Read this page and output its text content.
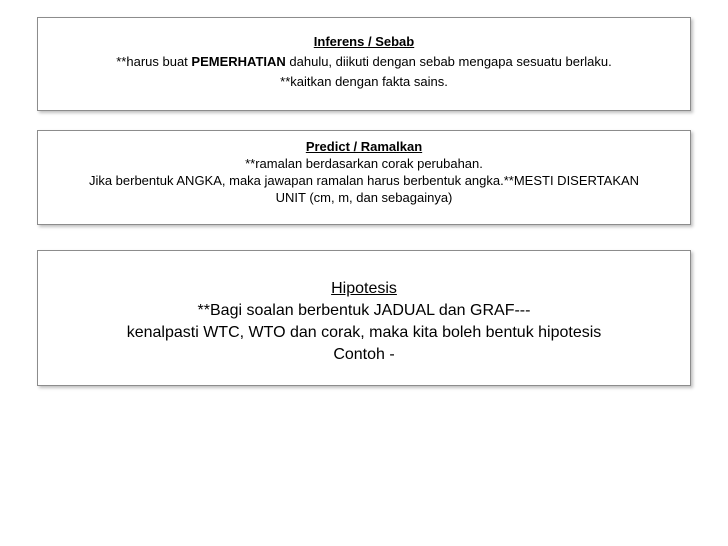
Inferens / Sebab
**harus buat PEMERHATIAN dahulu, diikuti dengan sebab mengapa sesuatu berlaku.
**kaitkan dengan fakta sains.
Predict / Ramalkan
**ramalan berdasarkan corak perubahan.
Jika berbentuk ANGKA, maka jawapan ramalan harus berbentuk angka.**MESTI DISERTAKAN
UNIT (cm, m, dan sebagainya)
Hipotesis
**Bagi soalan berbentuk JADUAL dan GRAF---
kenalpasti WTC, WTO dan corak, maka kita boleh bentuk hipotesis
Contoh -
